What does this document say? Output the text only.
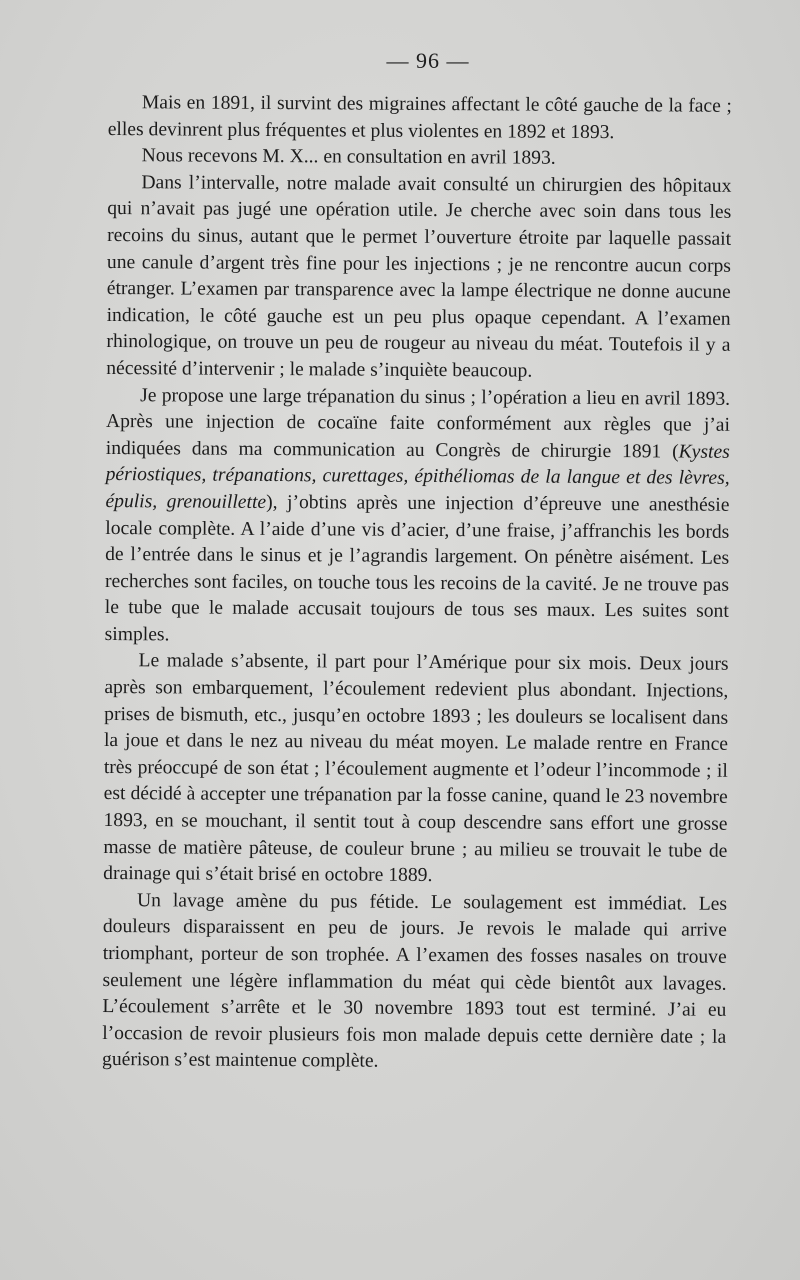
— 96 —

Mais en 1891, il survint des migraines affectant le côté gauche de la face ; elles devinrent plus fréquentes et plus violentes en 1892 et 1893.

Nous recevons M. X... en consultation en avril 1893.

Dans l’intervalle, notre malade avait consulté un chirurgien des hôpitaux qui n’avait pas jugé une opération utile. Je cherche avec soin dans tous les recoins du sinus, autant que le permet l’ouverture étroite par laquelle passait une canule d’argent très fine pour les injections ; je ne rencontre aucun corps étranger. L’examen par transparence avec la lampe électrique ne donne aucune indication, le côté gauche est un peu plus opaque cependant. A l’examen rhinologique, on trouve un peu de rougeur au niveau du méat. Toutefois il y a nécessité d’intervenir ; le malade s’inquiète beaucoup.

Je propose une large trépanation du sinus ; l’opération a lieu en avril 1893. Après une injection de cocaïne faite conformément aux règles que j’ai indiquées dans ma communication au Congrès de chirurgie 1891 (Kystes périostiques, trépanations, curettages, épithéliomas de la langue et des lèvres, épulis, grenouillette), j’obtins après une injection d’épreuve une anesthésie locale complète. A l’aide d’une vis d’acier, d’une fraise, j’affranchis les bords de l’entrée dans le sinus et je l’agrandis largement. On pénètre aisément. Les recherches sont faciles, on touche tous les recoins de la cavité. Je ne trouve pas le tube que le malade accusait toujours de tous ses maux. Les suites sont simples.

Le malade s’absente, il part pour l’Amérique pour six mois. Deux jours après son embarquement, l’écoulement redevient plus abondant. Injections, prises de bismuth, etc., jusqu’en octobre 1893 ; les douleurs se localisent dans la joue et dans le nez au niveau du méat moyen. Le malade rentre en France très préoccupé de son état ; l’écoulement augmente et l’odeur l’incommode ; il est décidé à accepter une trépanation par la fosse canine, quand le 23 novembre 1893, en se mouchant, il sentit tout à coup descendre sans effort une grosse masse de matière pâteuse, de couleur brune ; au milieu se trouvait le tube de drainage qui s’était brisé en octobre 1889.

Un lavage amène du pus fétide. Le soulagement est immédiat. Les douleurs disparaissent en peu de jours. Je revois le malade qui arrive triomphant, porteur de son trophée. A l’examen des fosses nasales on trouve seulement une légère inflammation du méat qui cède bientôt aux lavages. L’écoulement s’arrête et le 30 novembre 1893 tout est terminé. J’ai eu l’occasion de revoir plusieurs fois mon malade depuis cette dernière date ; la guérison s’est maintenue complète.
